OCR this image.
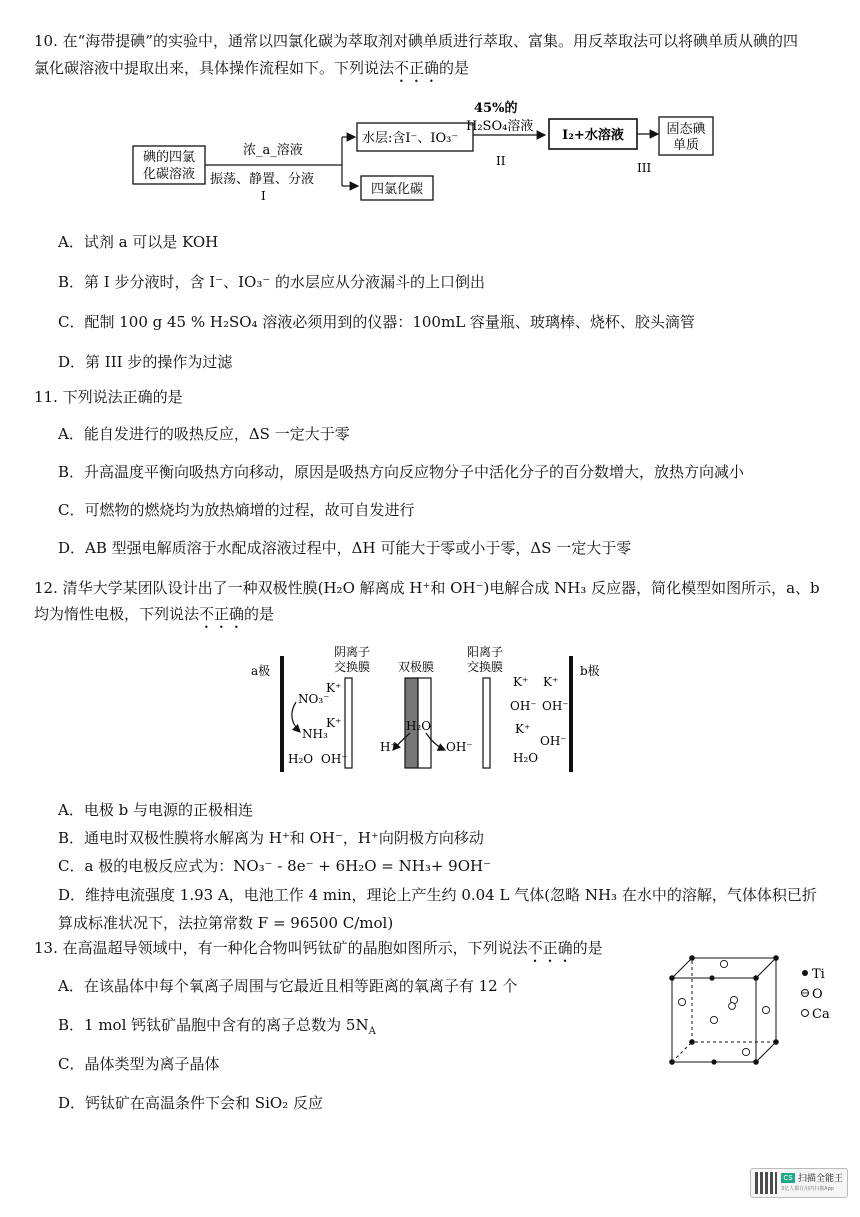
10. 在“海带提碘”的实验中，通常以四氯化碳为萃取剂对碘单质进行萃取、富集。用反萃取法可以将碘单质从碘的四
氯化碳溶液中提取出来，具体操作流程如下。下列说法不正确的是
碘的四氯
化碳溶液
浓_a_溶液
振荡、静置、分液
I
水层:含I⁻、IO₃⁻
四氯化碳
45%的
H₂SO₄溶液
II
I₂+水溶液
III
固态碘
单质
A．试剂 a 可以是 KOH
B．第 I 步分液时，含 I⁻、IO₃⁻ 的水层应从分液漏斗的上口倒出
C．配制 100 g 45 % H₂SO₄ 溶液必须用到的仪器：100mL 容量瓶、玻璃棒、烧杯、胶头滴管
D．第 III 步的操作为过滤
11. 下列说法正确的是
A．能自发进行的吸热反应，ΔS 一定大于零
B．升高温度平衡向吸热方向移动，原因是吸热方向反应物分子中活化分子的百分数增大，放热方向减小
C．可燃物的燃烧均为放热熵增的过程，故可自发进行
D．AB 型强电解质溶于水配成溶液过程中，ΔH 可能大于零或小于零，ΔS 一定大于零
12. 清华大学某团队设计出了一种双极性膜(H₂O 解离成 H⁺和 OH⁻)电解合成 NH₃ 反应器，简化模型如图所示，a、b
均为惰性电极，下列说法不正确的是
a极
阴离子
交换膜
NO₃⁻
K⁺
K⁺
NH₃
H₂O OH⁻
双极膜
H₂O
H⁺	OH⁻
阳离子
交换膜
K⁺ K⁺
OH⁻ OH⁻
K⁺
OH⁻
H₂O
b极
A．电极 b 与电源的正极相连
B．通电时双极性膜将水解离为 H⁺和 OH⁻，H⁺向阴极方向移动
C．a 极的电极反应式为：NO₃⁻ - 8e⁻ + 6H₂O = NH₃+ 9OH⁻
D．维持电流强度 1.93 A，电池工作 4 min，理论上产生约 0.04 L 气体(忽略 NH₃ 在水中的溶解，气体体积已折
算成标准状况下，法拉第常数 F = 96500 C/mol)
13. 在高温超导领域中，有一种化合物叫钙钛矿的晶胞如图所示，下列说法不正确的是
Ti
O
Ca
A．在该晶体中每个氧离子周围与它最近且相等距离的氧离子有 12 个
B．1 mol 钙钛矿晶胞中含有的离子总数为 $5N_A$
C．晶体类型为离子晶体
D．钙钛矿在高温条件下会和 SiO₂ 反应
CS 扫描全能王
3亿人都在用的扫描App
